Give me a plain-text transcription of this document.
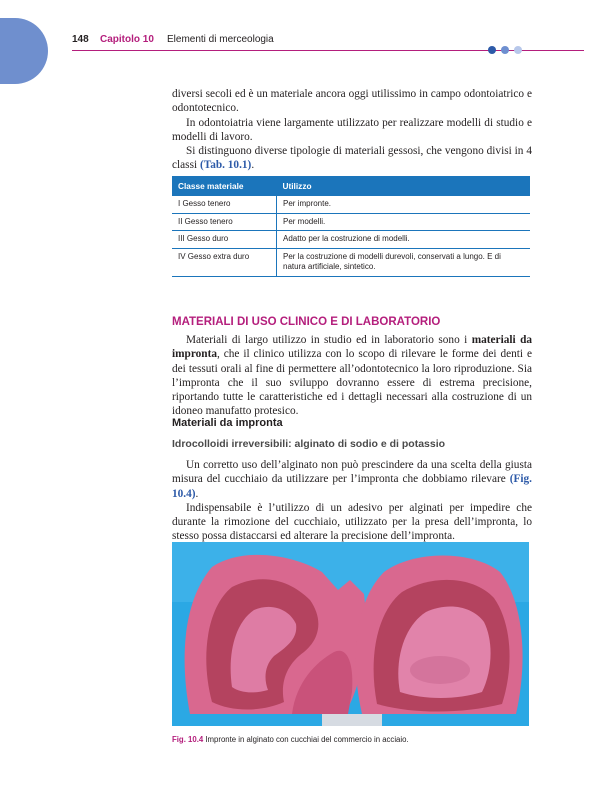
148 Capitolo 10 Elementi di merceologia

diversi secoli ed è un materiale ancora oggi utilissimo in campo odontoiatrico e odontotecnico.

In odontoiatria viene largamente utilizzato per realizzare modelli di studio e modelli di lavoro.

Si distinguono diverse tipologie di materiali gessosi, che vengono divisi in 4 classi (Tab. 10.1).

Classe materiale	Utilizzo
I Gesso tenero	Per impronte.
II Gesso tenero	Per modelli.
III Gesso duro	Adatto per la costruzione di modelli.
IV Gesso extra duro	Per la costruzione di modelli durevoli, conservati a lungo. E di natura artificiale, sintetico.
MATERIALI DI USO CLINICO E DI LABORATORIO

Materiali di largo utilizzo in studio ed in laboratorio sono i materiali da impronta, che il clinico utilizza con lo scopo di rilevare le forme dei denti e dei tessuti orali al fine di permettere all’odontotecnico la loro riproduzione. Sia l’impronta che il suo sviluppo dovranno essere di estrema precisione, riportando tutte le caratteristiche ed i dettagli necessari alla costruzione di un idoneo manufatto protesico.

Materiali da impronta
Idrocolloidi irreversibili: alginato di sodio e di potassio

Un corretto uso dell’alginato non può prescindere da una scelta della giusta misura del cucchiaio da utilizzare per l’impronta che dobbiamo rilevare (Fig. 10.4).

Indispensabile è l’utilizzo di un adesivo per alginati per impedire che durante la rimozione del cucchiaio, utilizzato per la presa dell’impronta, lo stesso possa distaccarsi ed alterare la precisione dell’impronta.

Fig. 10.4 Impronte in alginato con cucchiai del commercio in acciaio.
